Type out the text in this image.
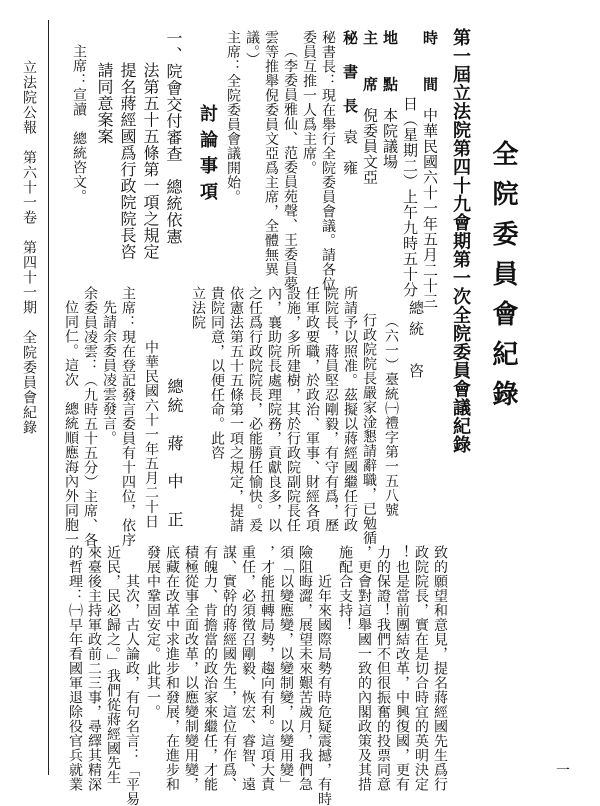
全院委員會紀錄
第一屆立法院第四十九會期第一次全院委員會議紀錄
時　　間　中華民國六十一年五月二十三
日（星期二）上午九時五十分
地　　點　本院議場
主　　席　倪委員文亞
秘 書 長　袁　雍
秘書長：現在舉行全院委員會議。請各位
委員互推一人爲主席。
（李委員雅仙、范委員苑聲、王委員夢
雲等推舉倪委員文亞爲主席，全體無異
議。）
主席：全院委員會議開始。
討論事項
一、院會交付審查　總統依憲
法第五十五條第一項之規定
提名蔣經國爲行政院院長咨
請同意案案
主席：宣讀　總統咨文。
總統　咨
（六一）臺統㈠禮字第一五八號
行政院院長嚴家淦懇請辭職，已勉循
所請予以照准。茲擬以蔣經國繼任行政
院院長，蔣員堅忍剛毅，有守有爲，歷
任軍政要職，於政治、軍事、財經各項
設施，多所建樹，其於行政院副院長任
內，襄助院長處理院務，貢獻良多，以
之任爲行政院院長，必能勝任愉快。爰
依憲法第五十五條第一項之規定，提請
貴院同意，以便任命。此咨
立法院
總統　蔣　中　正
中華民國六十一年五月二十日
主席：現在登記發言委員有十四位，依序
先請余委員凌雲發言。
余委員凌雲：（九時五十五分）主席、各
位同仁。這次　總統順應海內外同胞一
致的願望和意見，提名蔣經國先生爲行
政院院長，實在是切合時宜的英明決定
！也是當前團結改革，中興復國，更有
力的保證！我們不但很振奮的投票同意
，更會對這舉國一致的內閣政策及其措
施配合支持！
　　近年來國際局勢有時危疑震撼，有時
險阻晦澀，展望未來艱苦歲月，我們急
須「以變應變，以變制變，以變用變」
，才能扭轉局勢，趨向有利。這項大責
重任，必須徵召剛毅、恢宏、睿智、遠
謀、實幹的蔣經國先生，這位有作爲、
有魄力、肯擔當的政治家來繼任，才能
積極從事全面改革，以應變制變用變，
底藏在改革中求進步和發展，在進步和
發展中鞏固安定。此其一。
　　其次，古人論政，有句名言：「平易
近民，民必歸之。」我們從蔣經國先生
來臺後主持軍政前二三事，尋繹其精深
的哲理：㈠早年看國軍退除役官兵就業
立法院公報　第六十一卷　第四十一期　全院委員會紀錄
一
